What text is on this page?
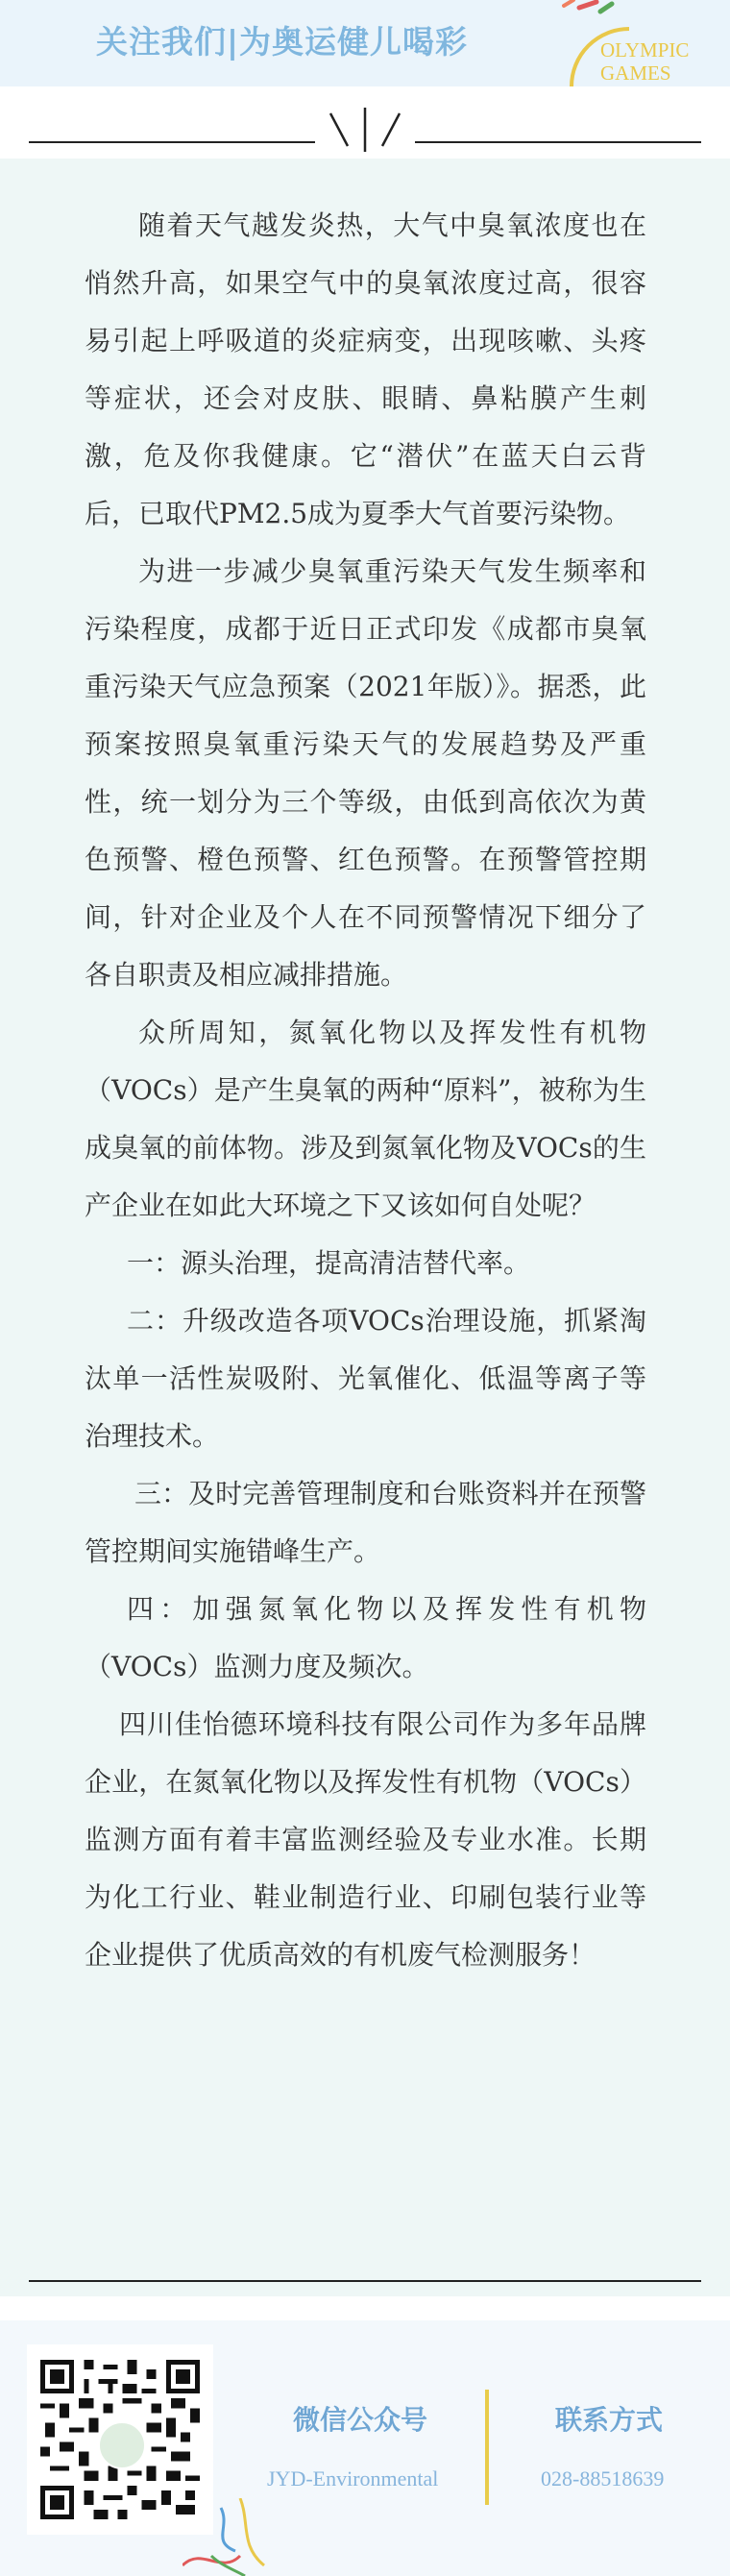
关注我们|为奥运健儿喝彩	OLYMPIC
GAMES

随着天气越发炎热，大气中臭氧浓度也在悄然升高，如果空气中的臭氧浓度过高，很容易引起上呼吸道的炎症病变，出现咳嗽、头疼等症状，还会对皮肤、眼睛、鼻粘膜产生刺激，危及你我健康。它“潜伏”在蓝天白云背后，已取代PM2.5成为夏季大气首要污染物。

为进一步减少臭氧重污染天气发生频率和污染程度，成都于近日正式印发《成都市臭氧重污染天气应急预案（2021年版）》。据悉，此预案按照臭氧重污染天气的发展趋势及严重性，统一划分为三个等级，由低到高依次为黄色预警、橙色预警、红色预警。在预警管控期间，针对企业及个人在不同预警情况下细分了各自职责及相应减排措施。

众所周知，氮氧化物以及挥发性有机物（VOCs）是产生臭氧的两种“原料”，被称为生成臭氧的前体物。涉及到氮氧化物及VOCs的生产企业在如此大环境之下又该如何自处呢？

一：源头治理，提高清洁替代率。

二：升级改造各项VOCs治理设施，抓紧淘汰单一活性炭吸附、光氧催化、低温等离子等治理技术。

三：及时完善管理制度和台账资料并在预警管控期间实施错峰生产。

四：加强氮氧化物以及挥发性有机物（VOCs）监测力度及频次。

四川佳怡德环境科技有限公司作为多年品牌企业，在氮氧化物以及挥发性有机物（VOCs）监测方面有着丰富监测经验及专业水准。长期为化工行业、鞋业制造行业、印刷包装行业等企业提供了优质高效的有机废气检测服务！

微信公众号
JYD-Environmental
联系方式
028-88518639
